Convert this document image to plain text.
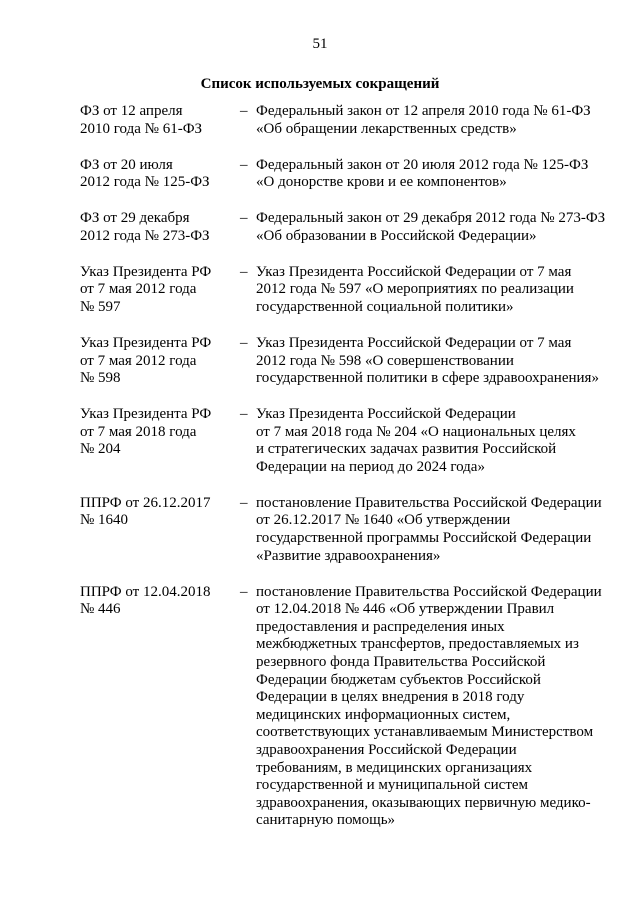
51
Список используемых сокращений
ФЗ от 12 апреля
2010 года № 61-ФЗ
– Федеральный закон от 12 апреля 2010 года № 61-ФЗ
«Об обращении лекарственных средств»
ФЗ от 20 июля
2012 года № 125-ФЗ
– Федеральный закон от 20 июля 2012 года № 125-ФЗ
«О донорстве крови и ее компонентов»
ФЗ от 29 декабря
2012 года № 273-ФЗ
– Федеральный закон от 29 декабря 2012 года № 273-ФЗ
«Об образовании в Российской Федерации»
Указ Президента РФ
от 7 мая 2012 года
№ 597
– Указ Президента Российской Федерации от 7 мая
2012 года № 597 «О мероприятиях по реализации
государственной социальной политики»
Указ Президента РФ
от 7 мая 2012 года
№ 598
– Указ Президента Российской Федерации от 7 мая
2012 года № 598 «О совершенствовании
государственной политики в сфере здравоохранения»
Указ Президента РФ
от 7 мая 2018 года
№ 204
– Указ Президента Российской Федерации
от 7 мая 2018 года № 204 «О национальных целях
и стратегических задачах развития Российской
Федерации на период до 2024 года»
ППРФ от 26.12.2017
№ 1640
– постановление Правительства Российской Федерации
от 26.12.2017 № 1640 «Об утверждении
государственной программы Российской Федерации
«Развитие здравоохранения»
ППРФ от 12.04.2018
№ 446
– постановление Правительства Российской Федерации
от 12.04.2018 № 446 «Об утверждении Правил
предоставления и распределения иных
межбюджетных трансфертов, предоставляемых из
резервного фонда Правительства Российской
Федерации бюджетам субъектов Российской
Федерации в целях внедрения в 2018 году
медицинских информационных систем,
соответствующих устанавливаемым Министерством
здравоохранения Российской Федерации
требованиям, в медицинских организациях
государственной и муниципальной систем
здравоохранения, оказывающих первичную медико-
санитарную помощь»
